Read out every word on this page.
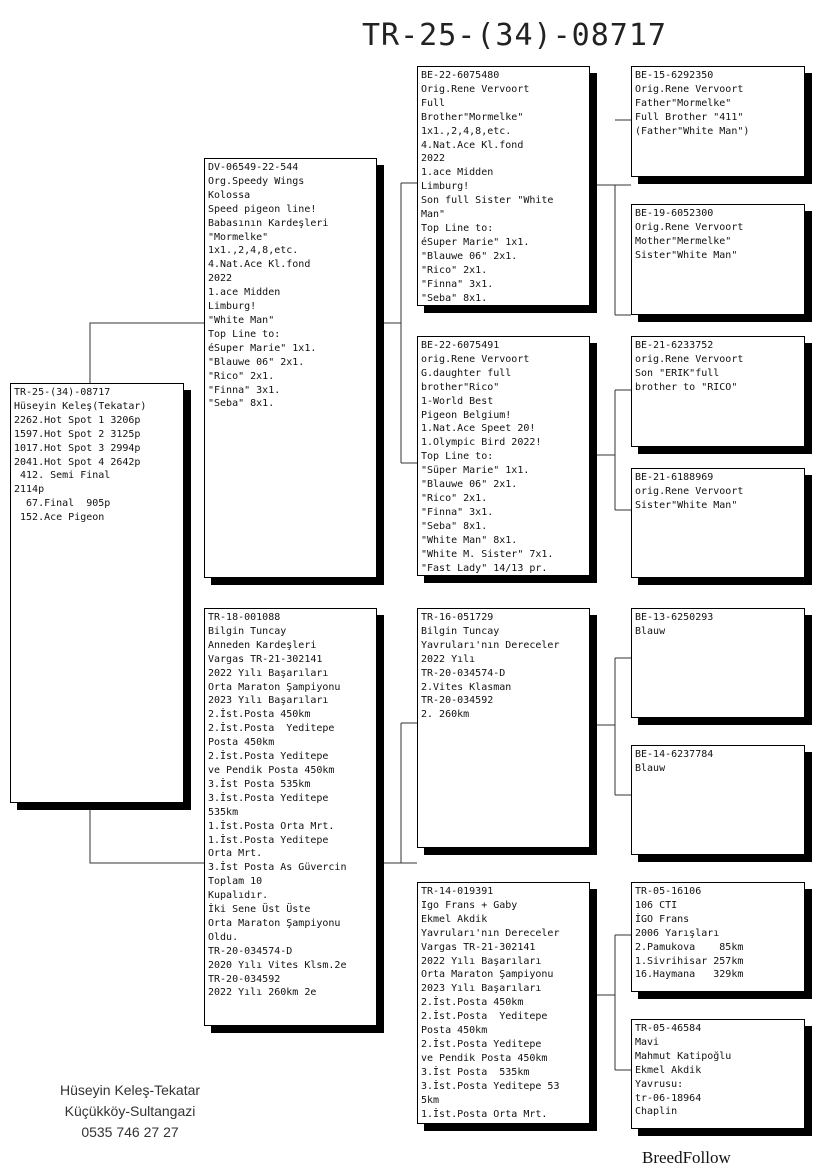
TR-25-(34)-08717
TR-25-(34)-08717
Hüseyin Keleş(Tekatar)
2262.Hot Spot 1 3206p
1597.Hot Spot 2 3125p
1017.Hot Spot 3 2994p
2041.Hot Spot 4 2642p
412. Semi Final
2114p
67.Final  905p
152.Ace Pigeon
DV-06549-22-544
Org.Speedy Wings
Kolossa
Speed pigeon line!
Babasının Kardeşleri
"Mormelke"
1x1.,2,4,8,etc.
4.Nat.Ace Kl.fond
2022
1.ace Midden
Limburg!
"White Man"
Top Line to:
éSuper Marie" 1x1.
"Blauwe 06" 2x1.
"Rico" 2x1.
"Finna" 3x1.
"Seba" 8x1.
TR-18-001088
Bilgin Tuncay
Anneden Kardeşleri
Vargas TR-21-302141
2022 Yılı Başarıları
Orta Maraton Şampiyonu
2023 Yılı Başarıları
2.İst.Posta 450km
2.İst.Posta  Yeditepe
Posta 450km
2.İst.Posta Yeditepe
ve Pendik Posta 450km
3.İst Posta 535km
3.İst.Posta Yeditepe
535km
1.İst.Posta Orta Mrt.
1.İst.Posta Yeditepe
Orta Mrt.
3.İst Posta As Güvercin
Toplam 10
Kupalıdır.
İki Sene Üst Üste
Orta Maraton Şampiyonu
Oldu.
TR-20-034574-D
2020 Yılı Vites Klsm.2e
TR-20-034592
2022 Yılı 260km 2e
BE-22-6075480
Orig.Rene Vervoort
Full
Brother"Mormelke"
1x1.,2,4,8,etc.
4.Nat.Ace Kl.fond
2022
1.ace Midden
Limburg!
Son full Sister "White
Man"
Top Line to:
éSuper Marie" 1x1.
"Blauwe 06" 2x1.
"Rico" 2x1.
"Finna" 3x1.
"Seba" 8x1.
BE-22-6075491
orig.Rene Vervoort
G.daughter full
brother"Rico"
1-World Best
Pigeon Belgium!
1.Nat.Ace Speet 20!
1.Olympic Bird 2022!
Top Line to:
"Süper Marie" 1x1.
"Blauwe 06" 2x1.
"Rico" 2x1.
"Finna" 3x1.
"Seba" 8x1.
"White Man" 8x1.
"White M. Sister" 7x1.
"Fast Lady" 14/13 pr.
TR-16-051729
Bilgin Tuncay
Yavruları'nın Dereceler
2022 Yılı
TR-20-034574-D
2.Vites Klasman
TR-20-034592
2. 260km
TR-14-019391
Igo Frans + Gaby
Ekmel Akdik
Yavruları'nın Dereceler
Vargas TR-21-302141
2022 Yılı Başarıları
Orta Maraton Şampiyonu
2023 Yılı Başarıları
2.İst.Posta 450km
2.İst.Posta  Yeditepe
Posta 450km
2.İst.Posta Yeditepe
ve Pendik Posta 450km
3.İst Posta  535km
3.İst.Posta Yeditepe 53
5km
1.İst.Posta Orta Mrt.
BE-15-6292350
Orig.Rene Vervoort
Father"Mormelke"
Full Brother "411"
(Father"White Man")
BE-19-6052300
Orig.Rene Vervoort
Mother"Mermelke"
Sister"White Man"
BE-21-6233752
orig.Rene Vervoort
Son "ERIK"full
brother to "RICO"
BE-21-6188969
orig.Rene Vervoort
Sister"White Man"
BE-13-6250293
Blauw
BE-14-6237784
Blauw
TR-05-16106
106 CTI
İGO Frans
2006 Yarışları
2.Pamukova    85km
1.Sivrihisar 257km
16.Haymana   329km
TR-05-46584
Mavi
Mahmut Katipoğlu
Ekmel Akdik
Yavrusu:
tr-06-18964
Chaplin
Hüseyin Keleş-Tekatar
Küçükköy-Sultangazi
0535 746 27 27
BreedFollow
